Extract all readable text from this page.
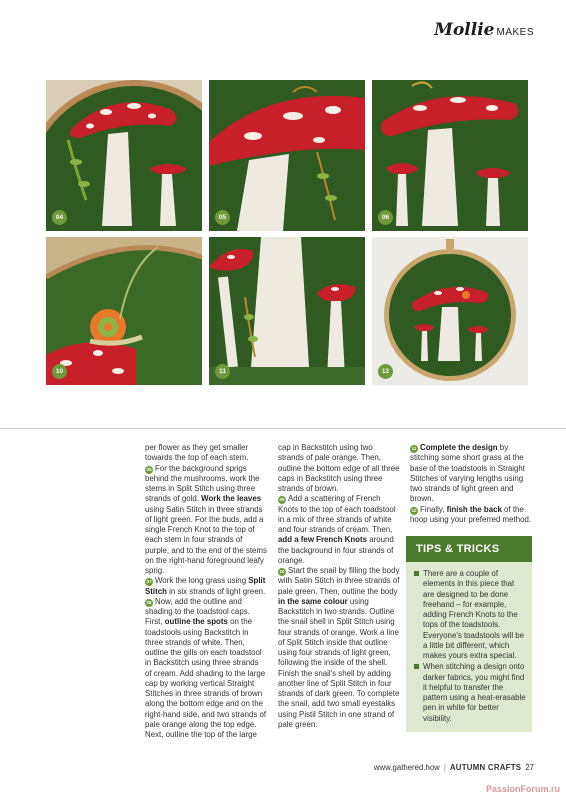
Mollie MAKES
04	05	06
10	11	12

per flower as they get smaller towards the top of each stem.

06 For the background sprigs behind the mushrooms, work the stems in Split Stitch using three strands of gold. Work the leaves using Satin Stitch in three strands of light green. For the buds, add a single French Knot to the top of each stem in four strands of purple, and to the end of the stems on the right-hand foreground leafy sprig.

07 Work the long grass using Split Stitch in six strands of light green.

08 Now, add the outline and shading to the toadstool caps. First, outline the spots on the toadstools using Backstitch in three strands of white. Then, outline the gills on each toadstool in Backstitch using three strands of cream. Add shading to the large cap by working vertical Straight Stitches in three strands of brown along the bottom edge and on the right-hand side, and two strands of pale orange along the top edge. Next, outline the top of the large

cap in Backstitch using two strands of pale orange. Then, outline the bottom edge of all three caps in Backstitch using three strands of brown.

09 Add a scattering of French Knots to the top of each toadstool in a mix of three strands of white and four strands of cream. Then, add a few French Knots around the background in four strands of orange.

10 Start the snail by filling the body with Satin Stitch in three strands of pale green. Then, outline the body in the same colour using Backstitch in two strands. Outline the snail shell in Split Stitch using four strands of orange. Work a line of Split Stitch inside that outline using four strands of light green, following the inside of the shell. Finish the snail's shell by adding another line of Split Stitch in four strands of dark green. To complete the snail, add two small eyestalks using Pistil Stitch in one strand of pale green.

11 Complete the design by stitching some short grass at the base of the toadstools in Straight Stitches of varying lengths using two strands of light green and brown.

12 Finally, finish the back of the hoop using your preferred method.

TIPS & TRICKS
There are a couple of elements in this piece that are designed to be done freehand – for example, adding French Knots to the tops of the toadstools. Everyone's toadstools will be a little bit different, which makes yours extra special.
When stitching a design onto darker fabrics, you might find it helpful to transfer the pattern using a heat-erasable pen in white for better visibility.
www.gathered.how | AUTUMN CRAFTS 27
PassionForum.ru
